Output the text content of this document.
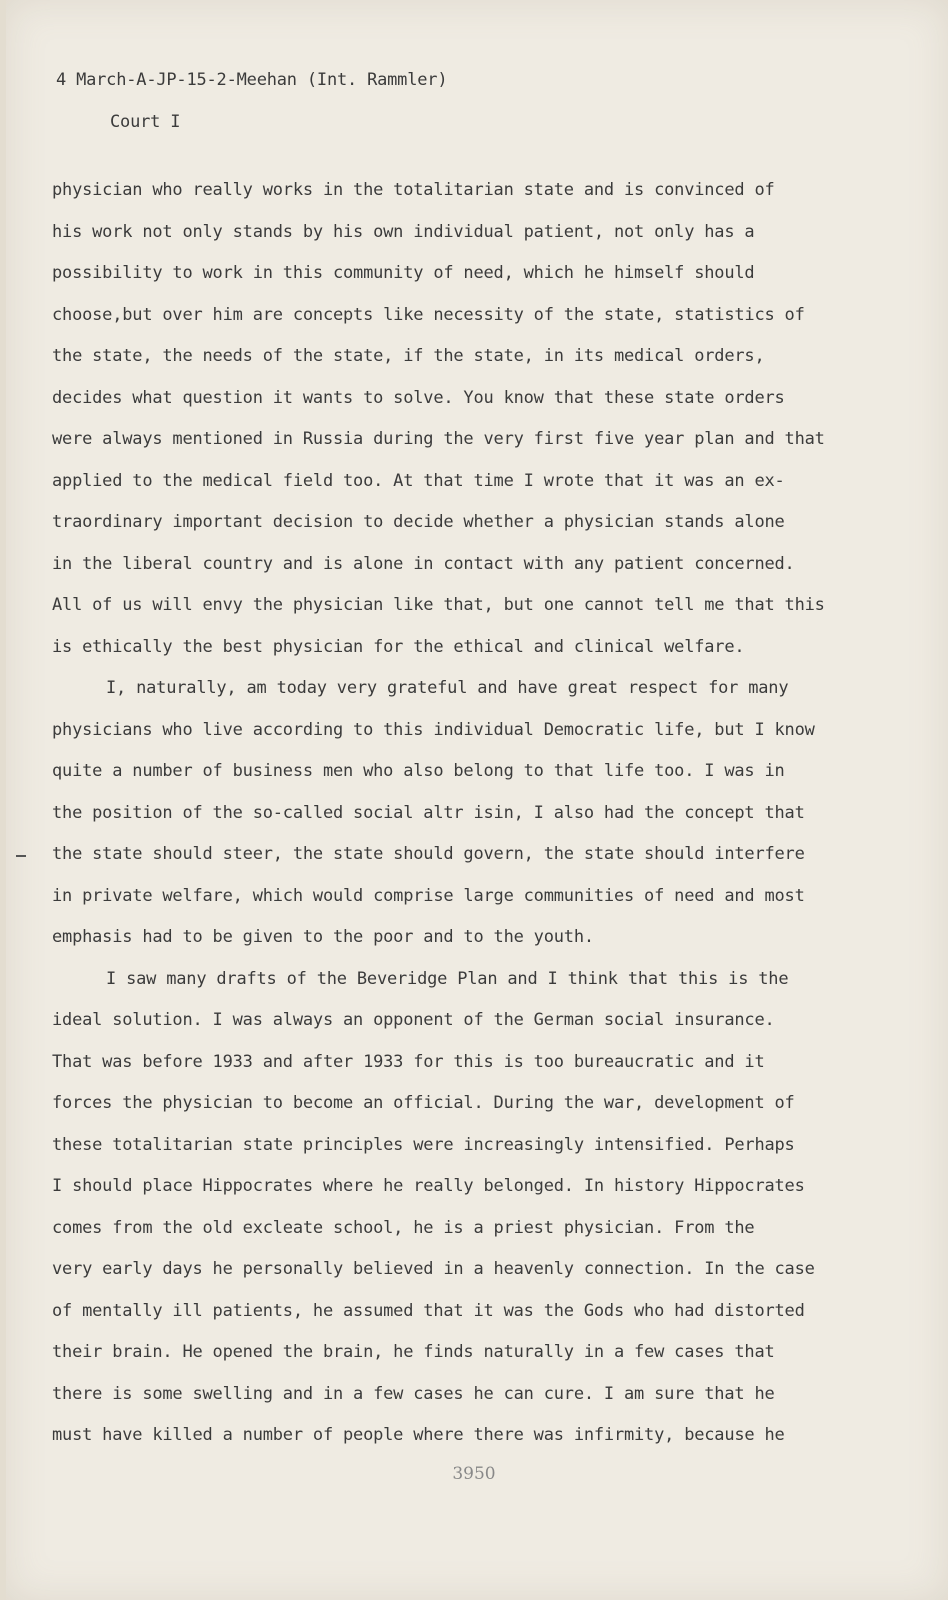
4 March-A-JP-15-2-Meehan (Int. Rammler)
Court I
physician who really works in the totalitarian state and is convinced of
his work not only stands by his own individual patient, not only has a
possibility to work in this community of need, which he himself should
choose,but over him are concepts like necessity of the state, statistics of
the state, the needs of the state, if the state, in its medical orders,
decides what question it wants to solve. You know that these state orders
were always mentioned in Russia during the very first five year plan and that
applied to the medical field too. At that time I wrote that it was an ex-
traordinary important decision to decide whether a physician stands alone
in the liberal country and is alone in contact with any patient concerned.
All of us will envy the physician like that, but one cannot tell me that this
is ethically the best physician for the ethical and clinical welfare.
I, naturally, am today very grateful and have great respect for many
physicians who live according to this individual Democratic life, but I know
quite a number of business men who also belong to that life too. I was in
the position of the so-called social altr isin, I also had the concept that
the state should steer, the state should govern, the state should interfere
in private welfare, which would comprise large communities of need and most
emphasis had to be given to the poor and to the youth.
I saw many drafts of the Beveridge Plan and I think that this is the
ideal solution. I was always an opponent of the German social insurance.
That was before 1933 and after 1933 for this is too bureaucratic and it
forces the physician to become an official. During the war, development of
these totalitarian state principles were increasingly intensified. Perhaps
I should place Hippocrates where he really belonged. In history Hippocrates
comes from the old excleate school, he is a priest physician. From the
very early days he personally believed in a heavenly connection. In the case
of mentally ill patients, he assumed that it was the Gods who had distorted
their brain. He opened the brain, he finds naturally in a few cases that
there is some swelling and in a few cases he can cure. I am sure that he
must have killed a number of people where there was infirmity, because he
3950
